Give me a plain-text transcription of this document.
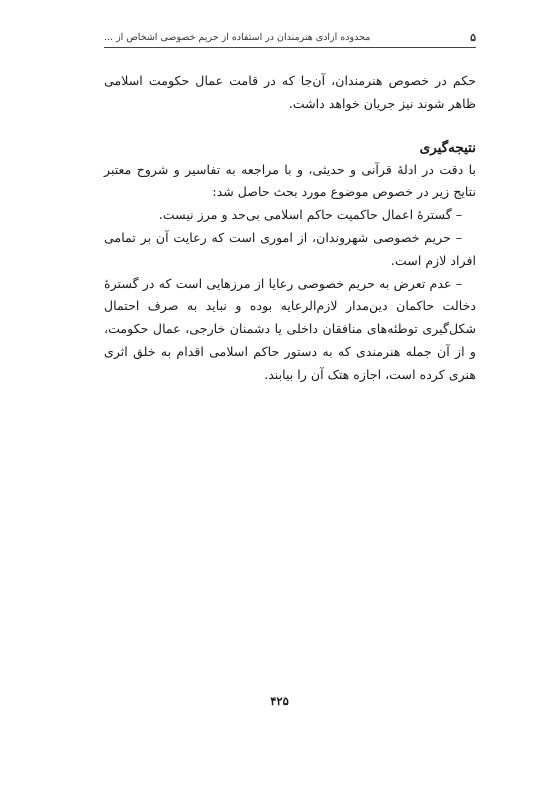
محدوده آزادی هنرمندان در استفاده از حریم خصوصی اشخاص از ...	۵

حکم در خصوص هنرمندان، آن‌جا که در قامت عمال حکومت اسلامی ظاهر شوند نیز جریان خواهد داشت.

نتیجه‌گیری

با دقت در ادلهٔ قرآنی و حدیثی، و با مراجعه به تفاسیر و شروح معتبر نتایج زیر در خصوص موضوع مورد بحث حاصل شد:

– گسترهٔ اعمال حاکمیت حاکم اسلامی بی‌حد و مرز نیست.

– حریم خصوصی شهروندان، از اموری است که رعایت آن بر تمامی افراد لازم است.

– عدم تعرض به حریم خصوصی رعایا از مرزهایی است که در گسترهٔ دخالت حاکمان دین‌مدار لازم‌الرعایه بوده و نباید به صرف احتمال شکل‌گیری توطئه‌های منافقان داخلی یا دشمنان خارجی، عمال حکومت، و از آن جمله هنرمندی که به دستور حاکم اسلامی اقدام به خلق اثری هنری کرده است، اجازه هتک آن را بیابند.

۴۲۵
